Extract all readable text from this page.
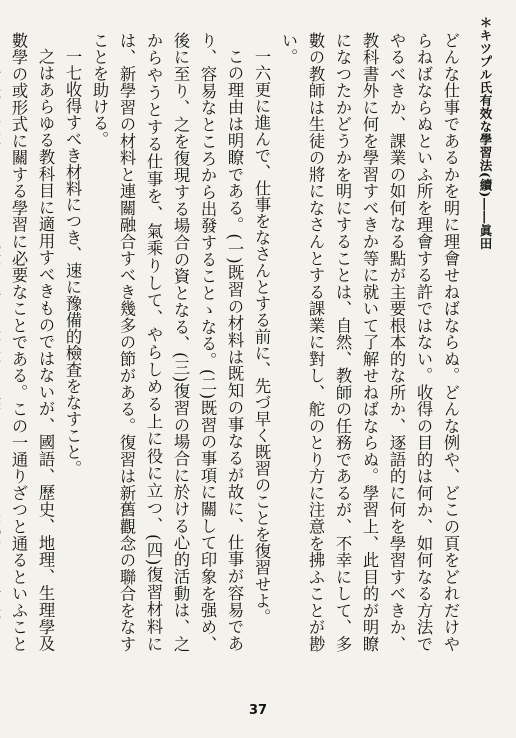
＊キツプル氏有效な學習法(續)――眞田

どんな仕事であるかを明に理會せねばならぬ。どんな例や、どこの頁をどれだけやらねばならぬといふ所を理會する許ではない。收得の目的は何か、如何なる方法でやるべきか、課業の如何なる點が主要根本的な所か、逐語的に何を學習すべきか、教科書外に何を學習すべきか等に就いて了解せねばならぬ。學習上、此目的が明瞭になつたかどうかを明にすることは、自然、教師の任務であるが、不幸にして、多數の教師は生徒の將になさんとする課業に對し、舵のとり方に注意を拂ふことが尠い。

一六更に進んで、仕事をなさんとする前に、先づ早く既習のことを復習せよ。

この理由は明瞭である。(一)既習の材料は既知の事なるが故に、仕事が容易であり、容易なところから出發することゝなる。(二)既習の事項に關して印象を强め、後に至り、之を復現する場合の資となる、(三)復習の場合に於ける心的活動は、之からやうとする仕事を、氣乘りして、やらしめる上に役に立つ、(四)復習材料には、新學習の材料と連關融合すべき幾多の節がある。復習は新舊觀念の聯合をなすことを助ける。

一七收得すべき材料につき、速に豫備的檢査をなすこと。

之はあらゆる教科目に適用すべきものではないが、國語、歷史、地理、生理學及數學の或形式に關する學習に必要なことである。この一通りざつと通るといふこと

37
